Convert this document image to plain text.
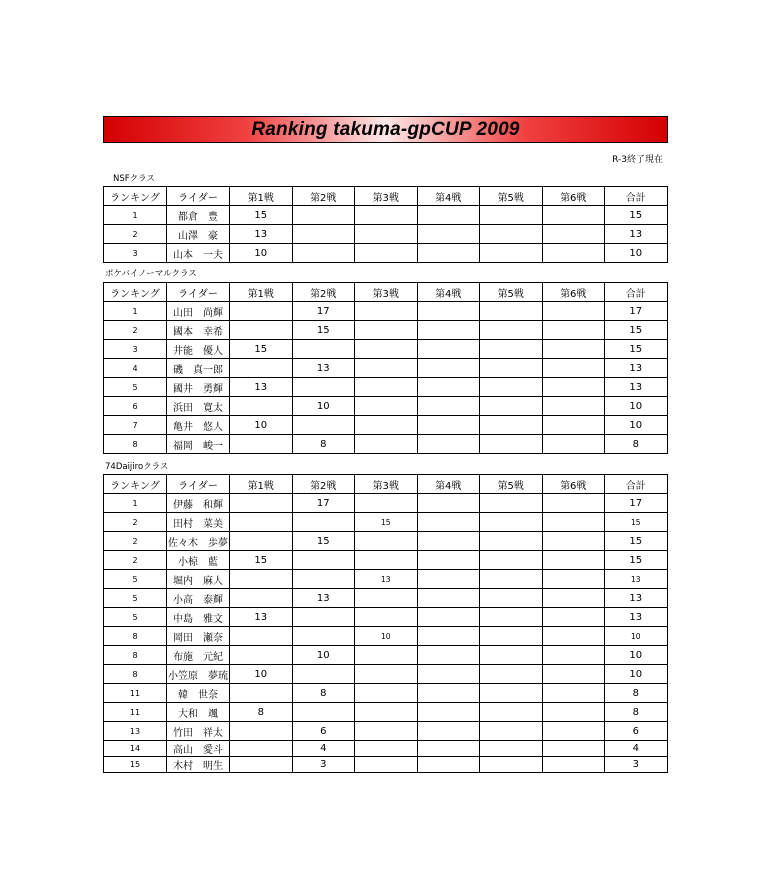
Ranking takuma-gpCUP 2009
R-3終了現在
NSFクラス
ランキング	ライダー	第1戦	第2戦	第3戦	第4戦	第5戦	第6戦	合計
1	都倉　豊	15						15
2	山澤　豪	13						13
3	山本　一夫	10						10
ポケバイノーマルクラス
ランキング	ライダー	第1戦	第2戦	第3戦	第4戦	第5戦	第6戦	合計
1	山田　尚輝		17					17
2	國本　幸希		15					15
3	井能　優人	15						15
4	磯　真一郎		13					13
5	國井　勇輝	13						13
6	浜田　寛太		10					10
7	亀井　悠人	10						10
8	福岡　峻一		8					8
74Daijiroクラス
ランキング	ライダー	第1戦	第2戦	第3戦	第4戦	第5戦	第6戦	合計
1	伊藤　和輝		17					17
2	田村　菜美			15				15
2	佐々木　歩夢		15					15
2	小椋　藍	15						15
5	堀内　麻人			13				13
5	小高　泰輝		13					13
5	中島　雅文	13						13
8	岡田　瀬奈			10				10
8	布施　元紀		10					10
8	小笠原　夢琉	10						10
11	韓　世奈		8					8
11	大和　颯	8						8
13	竹田　祥太		6					6
14	高山　愛斗		4					4
15	木村　明生		3					3
